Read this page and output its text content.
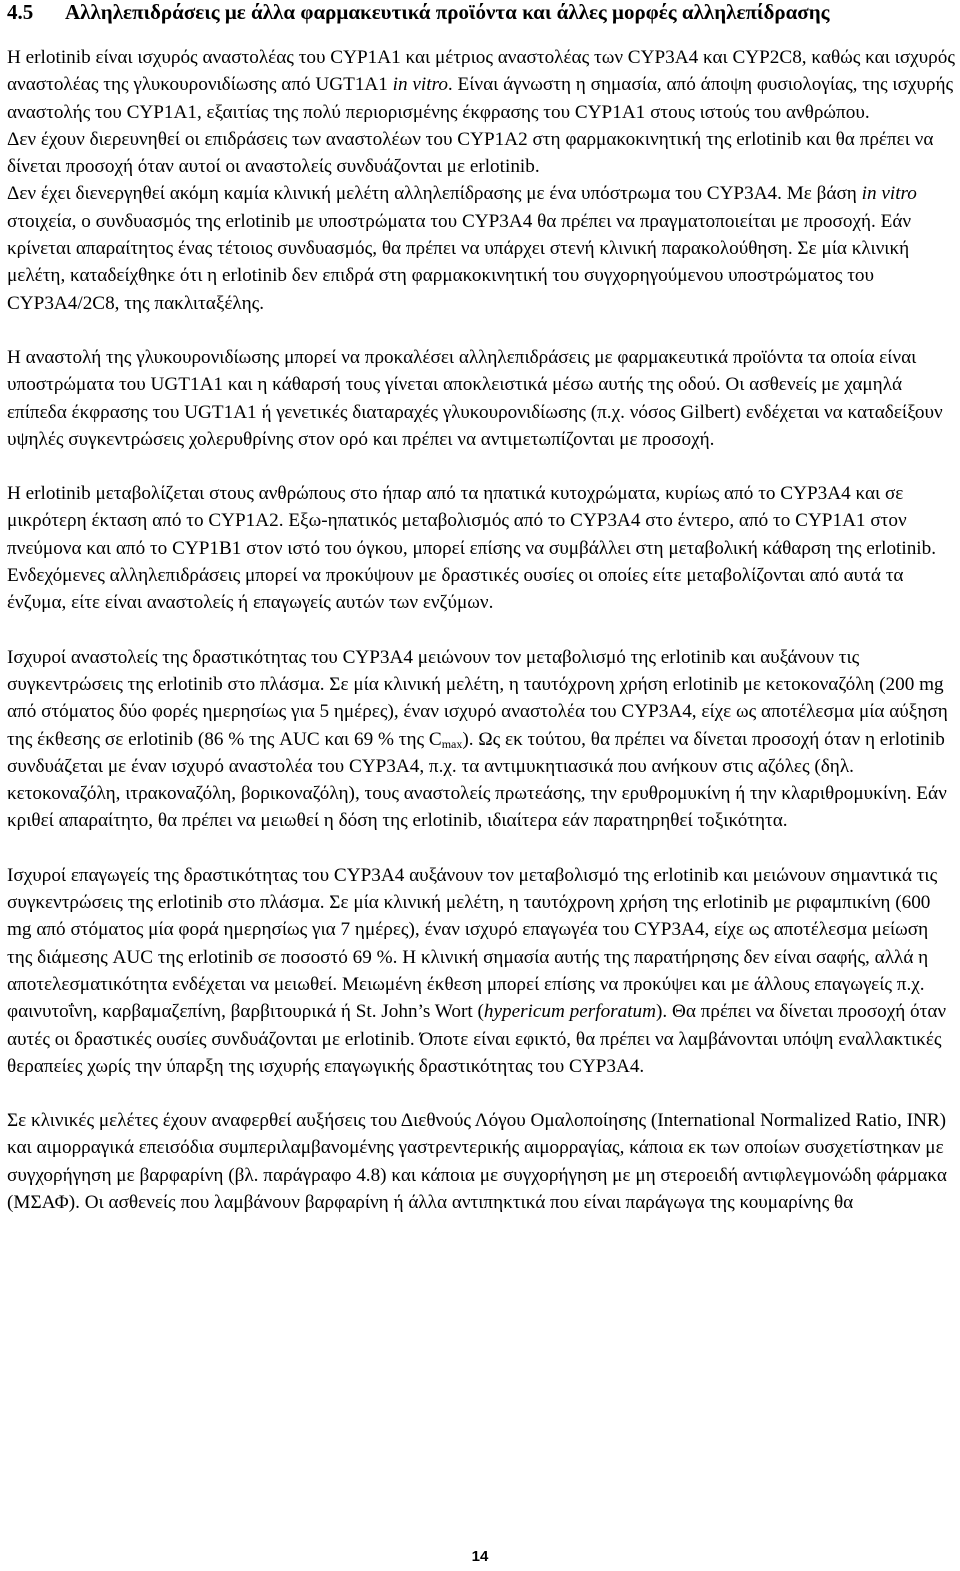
4.5 Αλληλεπιδράσεις με άλλα φαρμακευτικά προϊόντα και άλλες μορφές αλληλεπίδρασης

Η erlotinib είναι ισχυρός αναστολέας του CYP1A1 και μέτριος αναστολέας των CYP3A4 και CYP2C8, καθώς και ισχυρός αναστολέας της γλυκουρονιδίωσης από UGT1A1 in vitro. Είναι άγνωστη η σημασία, από άποψη φυσιολογίας, της ισχυρής αναστολής του CYP1A1, εξαιτίας της πολύ περιορισμένης έκφρασης του CYP1A1 στους ιστούς του ανθρώπου.

Δεν έχουν διερευνηθεί οι επιδράσεις των αναστολέων του CYP1A2 στη φαρμακοκινητική της erlotinib και θα πρέπει να δίνεται προσοχή όταν αυτοί οι αναστολείς συνδυάζονται με erlotinib.

Δεν έχει διενεργηθεί ακόμη καμία κλινική μελέτη αλληλεπίδρασης με ένα υπόστρωμα του CYP3A4. Με βάση in vitro στοιχεία, ο συνδυασμός της erlotinib με υποστρώματα του CYP3A4 θα πρέπει να πραγματοποιείται με προσοχή. Εάν κρίνεται απαραίτητος ένας τέτοιος συνδυασμός, θα πρέπει να υπάρχει στενή κλινική παρακολούθηση. Σε μία κλινική μελέτη, καταδείχθηκε ότι η erlotinib δεν επιδρά στη φαρμακοκινητική του συγχορηγούμενου υποστρώματος του CYP3A4/2C8, της πακλιταξέλης.

Η αναστολή της γλυκουρονιδίωσης μπορεί να προκαλέσει αλληλεπιδράσεις με φαρμακευτικά προϊόντα τα οποία είναι υποστρώματα του UGT1A1 και η κάθαρσή τους γίνεται αποκλειστικά μέσω αυτής της οδού. Οι ασθενείς με χαμηλά επίπεδα έκφρασης του UGT1A1 ή γενετικές διαταραχές γλυκουρονιδίωσης (π.χ. νόσος Gilbert) ενδέχεται να καταδείξουν υψηλές συγκεντρώσεις χολερυθρίνης στον ορό και πρέπει να αντιμετωπίζονται με προσοχή.

Η erlotinib μεταβολίζεται στους ανθρώπους στο ήπαρ από τα ηπατικά κυτοχρώματα, κυρίως από το CYP3A4 και σε μικρότερη έκταση από το CYP1A2. Εξω-ηπατικός μεταβολισμός από το CYP3A4 στο έντερο, από το CYP1A1 στον πνεύμονα και από το CYP1B1 στον ιστό του όγκου, μπορεί επίσης να συμβάλλει στη μεταβολική κάθαρση της erlotinib. Ενδεχόμενες αλληλεπιδράσεις μπορεί να προκύψουν με δραστικές ουσίες οι οποίες είτε μεταβολίζονται από αυτά τα ένζυμα, είτε είναι αναστολείς ή επαγωγείς αυτών των ενζύμων.

Ισχυροί αναστολείς της δραστικότητας του CYP3A4 μειώνουν τον μεταβολισμό της erlotinib και αυξάνουν τις συγκεντρώσεις της erlotinib στο πλάσμα. Σε μία κλινική μελέτη, η ταυτόχρονη χρήση erlotinib με κετοκοναζόλη (200 mg από στόματος δύο φορές ημερησίως για 5 ημέρες), έναν ισχυρό αναστολέα του CYP3A4, είχε ως αποτέλεσμα μία αύξηση της έκθεσης σε erlotinib (86 % της AUC και 69 % της $C_{max}$). Ως εκ τούτου, θα πρέπει να δίνεται προσοχή όταν η erlotinib συνδυάζεται με έναν ισχυρό αναστολέα του CYP3A4, π.χ. τα αντιμυκητιασικά που ανήκουν στις αζόλες (δηλ. κετοκοναζόλη, ιτρακοναζόλη, βορικοναζόλη), τους αναστολείς πρωτεάσης, την ερυθρομυκίνη ή την κλαριθρομυκίνη. Εάν κριθεί απαραίτητο, θα πρέπει να μειωθεί η δόση της erlotinib, ιδιαίτερα εάν παρατηρηθεί τοξικότητα.

Ισχυροί επαγωγείς της δραστικότητας του CYP3A4 αυξάνουν τον μεταβολισμό της erlotinib και μειώνουν σημαντικά τις συγκεντρώσεις της erlotinib στο πλάσμα. Σε μία κλινική μελέτη, η ταυτόχρονη χρήση της erlotinib με ριφαμπικίνη (600 mg από στόματος μία φορά ημερησίως για 7 ημέρες), έναν ισχυρό επαγωγέα του CYP3A4, είχε ως αποτέλεσμα μείωση της διάμεσης AUC της erlotinib σε ποσοστό 69 %. Η κλινική σημασία αυτής της παρατήρησης δεν είναι σαφής, αλλά η αποτελεσματικότητα ενδέχεται να μειωθεί. Μειωμένη έκθεση μπορεί επίσης να προκύψει και με άλλους επαγωγείς π.χ. φαινυτοΐνη, καρβαμαζεπίνη, βαρβιτουρικά ή St. John’s Wort (hypericum perforatum). Θα πρέπει να δίνεται προσοχή όταν αυτές οι δραστικές ουσίες συνδυάζονται με erlotinib. Όποτε είναι εφικτό, θα πρέπει να λαμβάνονται υπόψη εναλλακτικές θεραπείες χωρίς την ύπαρξη της ισχυρής επαγωγικής δραστικότητας του CYP3A4.

Σε κλινικές μελέτες έχουν αναφερθεί αυξήσεις του Διεθνούς Λόγου Ομαλοποίησης (International Normalized Ratio, INR) και αιμορραγικά επεισόδια συμπεριλαμβανομένης γαστρεντερικής αιμορραγίας, κάποια εκ των οποίων συσχετίστηκαν με συγχορήγηση με βαρφαρίνη (βλ. παράγραφο 4.8) και κάποια με συγχορήγηση με μη στεροειδή αντιφλεγμονώδη φάρμακα (ΜΣΑΦ). Οι ασθενείς που λαμβάνουν βαρφαρίνη ή άλλα αντιπηκτικά που είναι παράγωγα της κουμαρίνης θα

14
